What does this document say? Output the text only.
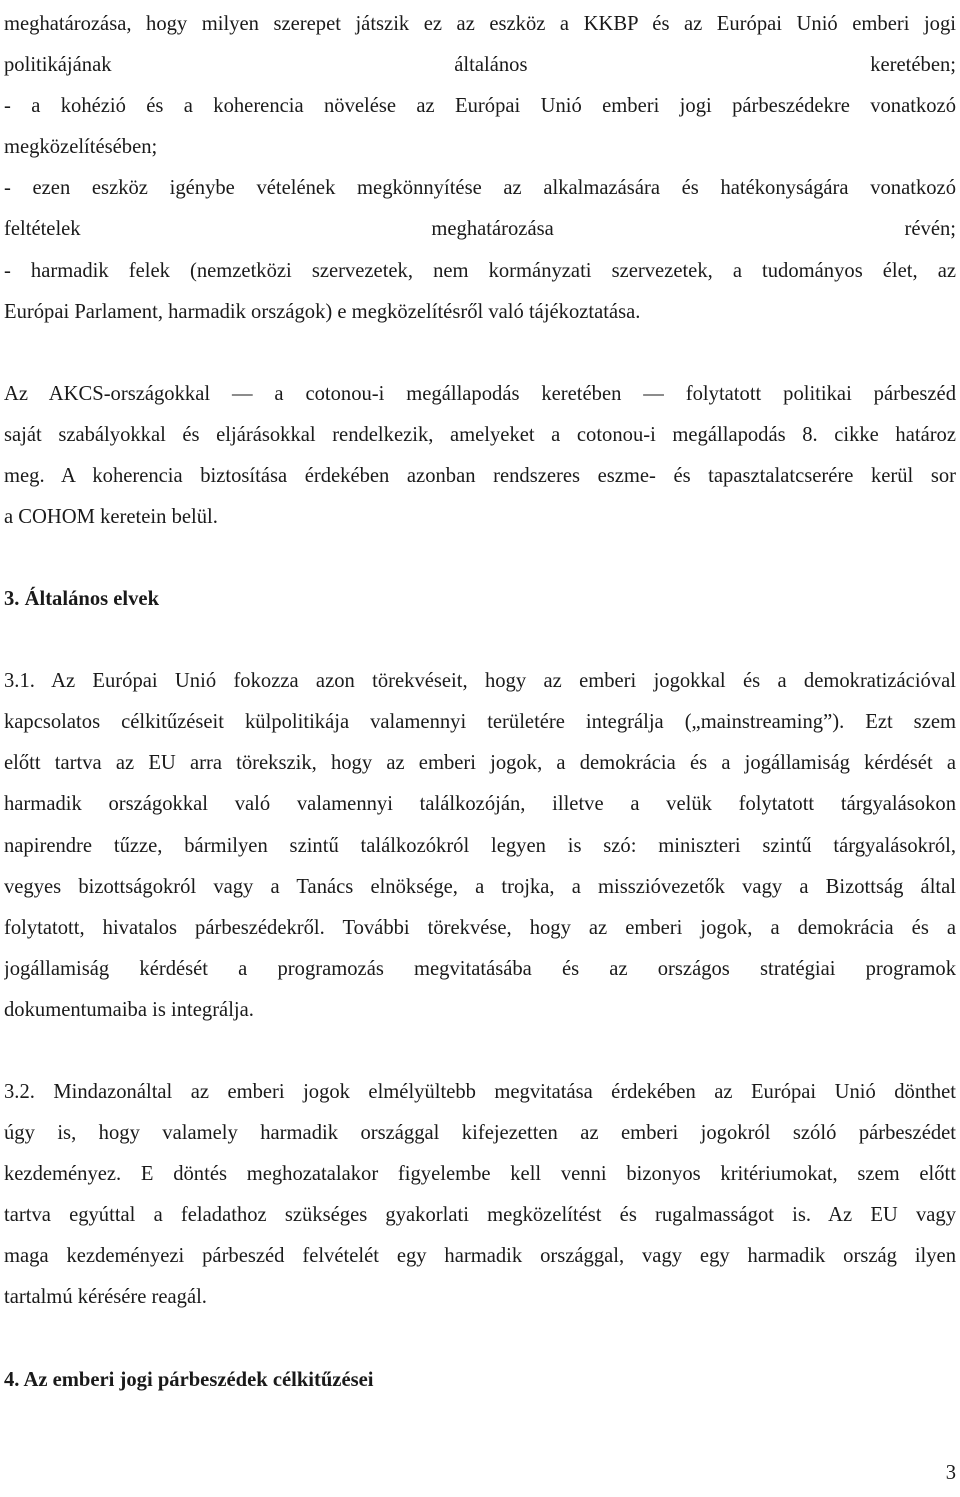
meghatározása, hogy milyen szerepet játszik ez az eszköz a KKBP és az Európai Unió emberi jogi
politikájának általános keretében;
- a kohézió és a koherencia növelése az Európai Unió emberi jogi párbeszédekre vonatkozó
megközelítésében;
- ezen eszköz igénybe vételének megkönnyítése az alkalmazására és hatékonyságára vonatkozó
feltételek meghatározása révén;
- harmadik felek (nemzetközi szervezetek, nem kormányzati szervezetek, a tudományos élet, az
Európai Parlament, harmadik országok) e megközelítésről való tájékoztatása.
Az AKCS-országokkal — a cotonou-i megállapodás keretében — folytatott politikai párbeszéd
saját szabályokkal és eljárásokkal rendelkezik, amelyeket a cotonou-i megállapodás 8. cikke határoz
meg. A koherencia biztosítása érdekében azonban rendszeres eszme- és tapasztalatcserére kerül sor
a COHOM keretein belül.
3. Általános elvek
3.1. Az Európai Unió fokozza azon törekvéseit, hogy az emberi jogokkal és a demokratizációval
kapcsolatos célkitűzéseit külpolitikája valamennyi területére integrálja („mainstreaming”). Ezt szem
előtt tartva az EU arra törekszik, hogy az emberi jogok, a demokrácia és a jogállamiság kérdését a
harmadik országokkal való valamennyi találkozóján, illetve a velük folytatott tárgyalásokon
napirendre tűzze, bármilyen szintű találkozókról legyen is szó: miniszteri szintű tárgyalásokról,
vegyes bizottságokról vagy a Tanács elnöksége, a trojka, a misszióvezetők vagy a Bizottság által
folytatott, hivatalos párbeszédekről. További törekvése, hogy az emberi jogok, a demokrácia és a
jogállamiság kérdését a programozás megvitatásába és az országos stratégiai programok
dokumentumaiba is integrálja.
3.2. Mindazonáltal az emberi jogok elmélyültebb megvitatása érdekében az Európai Unió dönthet
úgy is, hogy valamely harmadik országgal kifejezetten az emberi jogokról szóló párbeszédet
kezdeményez. E döntés meghozatalakor figyelembe kell venni bizonyos kritériumokat, szem előtt
tartva egyúttal a feladathoz szükséges gyakorlati megközelítést és rugalmasságot is. Az EU vagy
maga kezdeményezi párbeszéd felvételét egy harmadik országgal, vagy egy harmadik ország ilyen
tartalmú kérésére reagál.
4. Az emberi jogi párbeszédek célkitűzései
3
